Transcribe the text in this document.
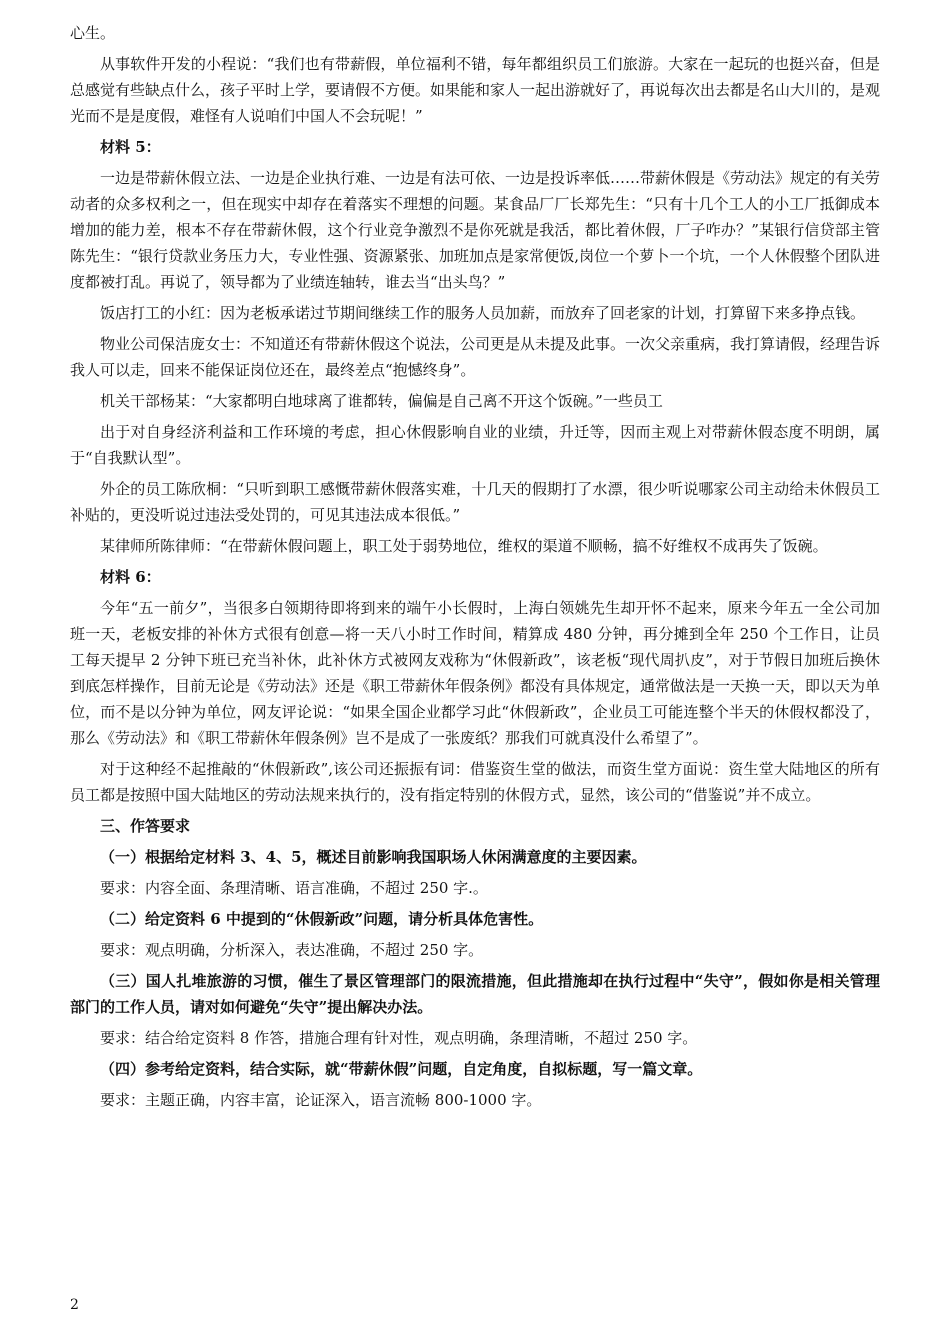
心生。

从事软件开发的小程说：“我们也有带薪假，单位福利不错，每年都组织员工们旅游。大家在一起玩的也挺兴奋，但是总感觉有些缺点什么，孩子平时上学，要请假不方便。如果能和家人一起出游就好了，再说每次出去都是名山大川的，是观光而不是是度假，难怪有人说咱们中国人不会玩呢！”

材料 5：

一边是带薪休假立法、一边是企业执行难、一边是有法可依、一边是投诉率低……带薪休假是《劳动法》规定的有关劳动者的众多权利之一，但在现实中却存在着落实不理想的问题。某食品厂厂长郑先生：“只有十几个工人的小工厂抵御成本增加的能力差，根本不存在带薪休假，这个行业竞争激烈不是你死就是我活，都比着休假，厂子咋办？”某银行信贷部主管陈先生：“银行贷款业务压力大，专业性强、资源紧张、加班加点是家常便饭,岗位一个萝卜一个坑，一个人休假整个团队进度都被打乱。再说了，领导都为了业绩连轴转，谁去当“出头鸟？”

饭店打工的小红：因为老板承诺过节期间继续工作的服务人员加薪，而放弃了回老家的计划，打算留下来多挣点钱。

物业公司保洁庞女士：不知道还有带薪休假这个说法，公司更是从未提及此事。一次父亲重病，我打算请假，经理告诉我人可以走，回来不能保证岗位还在，最终差点“抱憾终身”。

机关干部杨某：“大家都明白地球离了谁都转，偏偏是自己离不开这个饭碗。”一些员工

出于对自身经济利益和工作环境的考虑，担心休假影响自业的业绩，升迁等，因而主观上对带薪休假态度不明朗，属于“自我默认型”。

外企的员工陈欣桐：“只听到职工感慨带薪休假落实难，十几天的假期打了水漂，很少听说哪家公司主动给未休假员工补贴的，更没听说过违法受处罚的，可见其违法成本很低。”

某律师所陈律师：“在带薪休假问题上，职工处于弱势地位，维权的渠道不顺畅，搞不好维权不成再失了饭碗。

材料 6：

今年“五一前夕”，当很多白领期待即将到来的端午小长假时，上海白领姚先生却开怀不起来，原来今年五一全公司加班一天，老板安排的补休方式很有创意—将一天八小时工作时间，精算成 480 分钟，再分摊到全年 250 个工作日，让员工每天提早 2 分钟下班已充当补休，此补休方式被网友戏称为“休假新政”，该老板“现代周扒皮”，对于节假日加班后换休到底怎样操作，目前无论是《劳动法》还是《职工带薪休年假条例》都没有具体规定，通常做法是一天换一天，即以天为单位，而不是以分钟为单位，网友评论说：“如果全国企业都学习此“休假新政”，企业员工可能连整个半天的休假权都没了，那么《劳动法》和《职工带薪休年假条例》岂不是成了一张废纸？那我们可就真没什么希望了”。

对于这种经不起推敲的“休假新政”,该公司还振振有词：借鉴资生堂的做法，而资生堂方面说：资生堂大陆地区的所有员工都是按照中国大陆地区的劳动法规来执行的，没有指定特别的休假方式，显然，该公司的“借鉴说”并不成立。

三、作答要求

（一）根据给定材料 3、4、5，概述目前影响我国职场人休闲满意度的主要因素。

要求：内容全面、条理清晰、语言准确，不超过 250 字.。

（二）给定资料 6 中提到的“休假新政”问题，请分析具体危害性。

要求：观点明确，分析深入，表达准确，不超过 250 字。

（三）国人扎堆旅游的习惯，催生了景区管理部门的限流措施，但此措施却在执行过程中“失守”，假如你是相关管理部门的工作人员，请对如何避免“失守”提出解决办法。

要求：结合给定资料 8 作答，措施合理有针对性，观点明确，条理清晰，不超过 250 字。

（四）参考给定资料，结合实际，就“带薪休假”问题，自定角度，自拟标题，写一篇文章。

要求：主题正确，内容丰富，论证深入，语言流畅 800-1000 字。

2
